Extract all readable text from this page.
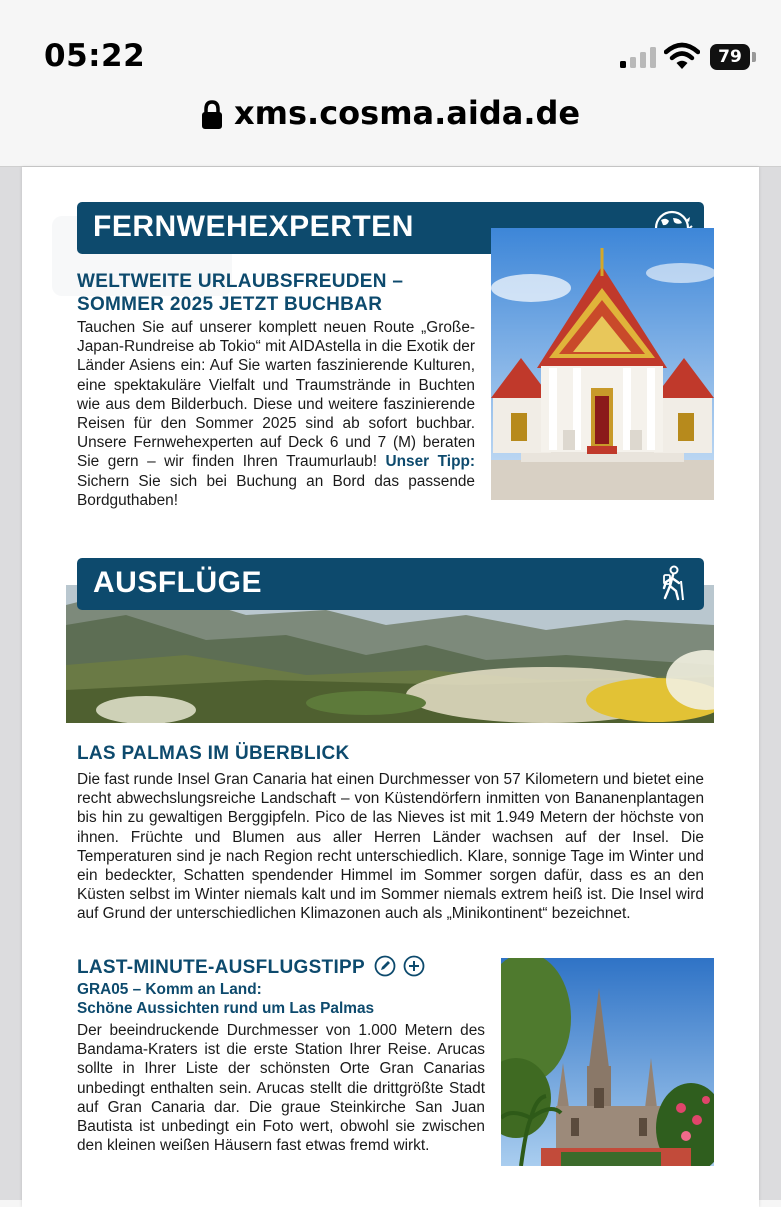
05:22	79
xms.cosma.aida.de
FERNWEHEXPERTEN
WELTWEITE URLAUBSFREUDEN –
SOMMER 2025 JETZT BUCHBAR

Tauchen Sie auf unserer komplett neuen Route „Große-Japan-Rundreise ab Tokio“ mit AIDAstella in die Exotik der Länder Asiens ein: Auf Sie warten faszinierende Kulturen, eine spektakuläre Vielfalt und Traumstrände in Buchten wie aus dem Bilderbuch. Diese und weitere faszinierende Reisen für den Sommer 2025 sind ab sofort buchbar. Unsere Fernwehexperten auf Deck 6 und 7 (M) beraten Sie gern – wir finden Ihren Traumurlaub! Unser Tipp: Sichern Sie sich bei Buchung an Bord das passende Bordguthaben!

AUSFLÜGE
LAS PALMAS IM ÜBERBLICK

Die fast runde Insel Gran Canaria hat einen Durchmesser von 57 Kilometern und bietet eine recht abwechslungsreiche Landschaft – von Küstendörfern inmitten von Bananenplantagen bis hin zu gewaltigen Berggipfeln. Pico de las Nieves ist mit 1.949 Metern der höchste von ihnen. Früchte und Blumen aus aller Herren Länder wachsen auf der Insel. Die Temperaturen sind je nach Region recht unterschiedlich. Klare, sonnige Tage im Winter und ein bedeckter, Schatten spendender Himmel im Sommer sorgen dafür, dass es an den Küsten selbst im Winter niemals kalt und im Sommer niemals extrem heiß ist. Die Insel wird auf Grund der unterschiedlichen Klimazonen auch als „Minikontinent“ bezeichnet.

LAST-MINUTE-AUSFLUGSTIPP
GRA05 – Komm an Land:
Schöne Aussichten rund um Las Palmas

Der beeindruckende Durchmesser von 1.000 Metern des Bandama-Kraters ist die erste Station Ihrer Reise. Arucas sollte in Ihrer Liste der schönsten Orte Gran Canarias unbedingt enthalten sein. Arucas stellt die drittgrößte Stadt auf Gran Canaria dar. Die graue Steinkirche San Juan Bautista ist unbedingt ein Foto wert, obwohl sie zwischen den kleinen weißen Häusern fast etwas fremd wirkt.
